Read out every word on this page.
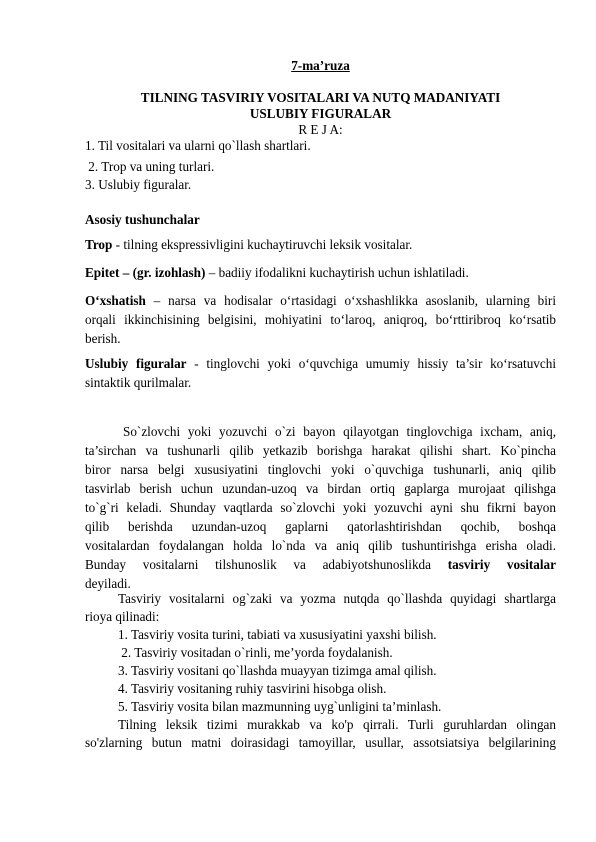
7-ma’ruza
TILNING TASVIRIY VOSITALARI VA NUTQ MADANIYATI
USLUBIY FIGURALAR
R E J A:
1. Til vositalari va ularni qo`llash shartlari.
2. Trop va uning turlari.
3. Uslubiy figuralar.
Asosiy tushunchalar
Trop - tilning ekspressivligini kuchaytiruvchi leksik vositalar.
Epitet – (gr. izohlash) – badiiy ifodalikni kuchaytirish uchun ishlatiladi.
O‘xshatish – narsa va hodisalar o‘rtasidagi o‘xshashlikka asoslanib, ularning biri
orqali ikkinchisining belgisini, mohiyatini to‘laroq, aniqroq, bo‘rttiribroq ko‘rsatib
berish.
Uslubiy figuralar - tinglovchi yoki o‘quvchiga umumiy hissiy ta’sir ko‘rsatuvchi
sintaktik qurilmalar.
So`zlovchi yoki yozuvchi o`zi bayon qilayotgan tinglovchiga ixcham, aniq,
ta’sirchan va tushunarli qilib yetkazib borishga harakat qilishi shart. Ko`pincha
biror narsa belgi xususiyatini tinglovchi yoki o`quvchiga tushunarli, aniq qilib
tasvirlab berish uchun uzundan-uzoq va birdan ortiq gaplarga murojaat qilishga
to`g`ri keladi. Shunday vaqtlarda so`zlovchi yoki yozuvchi ayni shu fikrni bayon
qilib berishda uzundan-uzoq gaplarni qatorlashtirishdan qochib, boshqa
vositalardan foydalangan holda lo`nda va aniq qilib tushuntirishga erisha oladi.
Bunday vositalarni tilshunoslik va adabiyotshunoslikda tasviriy vositalar
deyiladi.
Tasviriy vositalarni og`zaki va yozma nutqda qo`llashda quyidagi shartlarga
rioya qilinadi:
1. Tasviriy vosita turini, tabiati va xususiyatini yaxshi bilish.
2. Tasviriy vositadan o`rinli, me’yorda foydalanish.
3. Tasviriy vositani qo`llashda muayyan tizimga amal qilish.
4. Tasviriy vositaning ruhiy tasvirini hisobga olish.
5. Tasviriy vosita bilan mazmunning uyg`unligini ta’minlash.
Tilning leksik tizimi murakkab va ko'p qirrali. Turli guruhlardan olingan
so'zlarning butun matni doirasidagi tamoyillar, usullar, assotsiatsiya belgilarining
